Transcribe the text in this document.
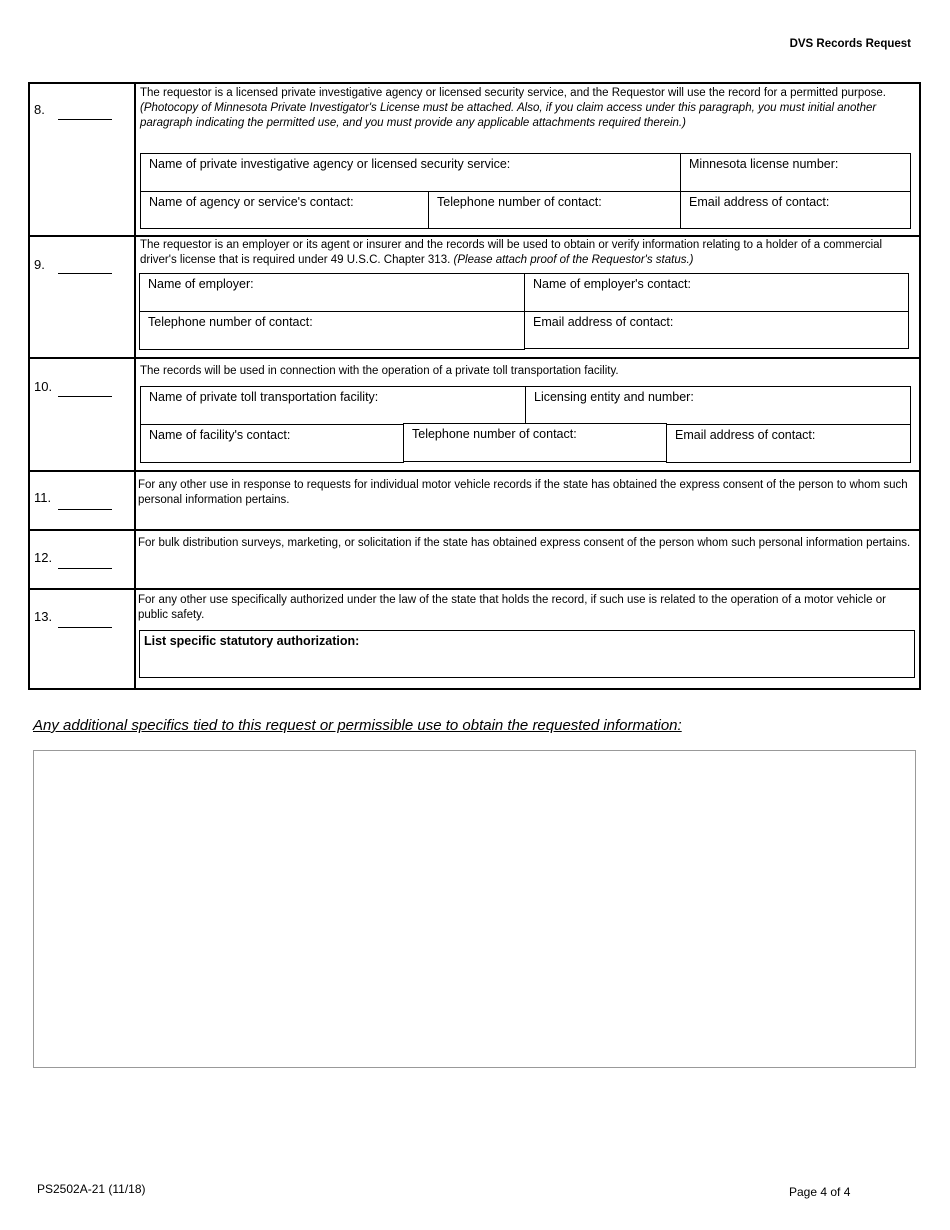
DVS Records Request
8.
The requestor is a licensed private investigative agency or licensed security service, and the Requestor will use the record for a permitted purpose. (Photocopy of Minnesota Private Investigator's License must be attached. Also, if you claim access under this paragraph, you must initial another paragraph indicating the permitted use, and you must provide any applicable attachments required therein.)
Name of private investigative agency or licensed security service:	Minnesota license number:
Name of agency or service's contact:	Telephone number of contact:	Email address of contact:
9.
The requestor is an employer or its agent or insurer and the records will be used to obtain or verify information relating to a holder of a commercial driver's license that is required under 49 U.S.C. Chapter 313. (Please attach proof of the Requestor's status.)
Name of employer:	Name of employer's contact:
Telephone number of contact:	Email address of contact:
10.
The records will be used in connection with the operation of a private toll transportation facility.
Name of private toll transportation facility:	Licensing entity and number:
Name of facility's contact:	Telephone number of contact:	Email address of contact:
11.
For any other use in response to requests for individual motor vehicle records if the state has obtained the express consent of the person to whom such personal information pertains.
12.
For bulk distribution surveys, marketing, or solicitation if the state has obtained express consent of the person whom such personal information pertains.
13.
For any other use specifically authorized under the law of the state that holds the record, if such use is related to the operation of a motor vehicle or public safety.
List specific statutory authorization:
Any additional specifics tied to this request or permissible use to obtain the requested information:
PS2502A-21 (11/18)	Page 4 of 4
